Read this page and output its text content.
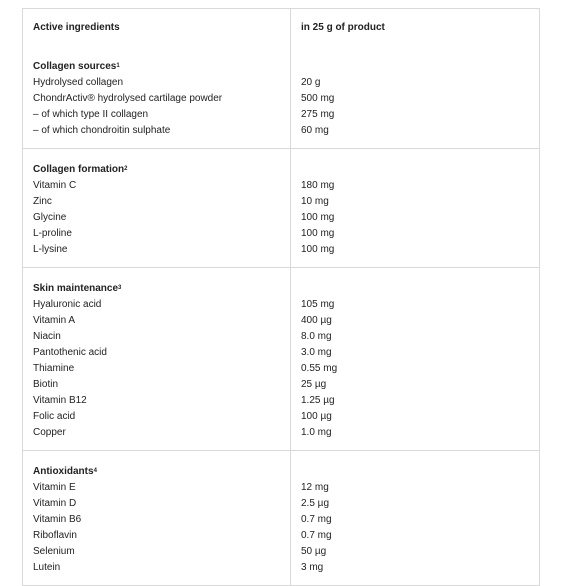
Active ingredients	in 25 g of product
Collagen sources$^1$
Hydrolysed collagen
ChondrActiv® hydrolysed cartilage powder
– of which type II collagen
– of which chondroitin sulphate
20 g
500 mg
275 mg
60 mg
Collagen formation$^2$
Vitamin C
Zinc
Glycine
L-proline
L-lysine
180 mg
10 mg
100 mg
100 mg
100 mg
Skin maintenance$^3$
Hyaluronic acid
Vitamin A
Niacin
Pantothenic acid
Thiamine
Biotin
Vitamin B12
Folic acid
Copper
105 mg
400 µg
8.0 mg
3.0 mg
0.55 mg
25 µg
1.25 µg
100 µg
1.0 mg
Antioxidants$^4$
Vitamin E
Vitamin D
Vitamin B6
Riboflavin
Selenium
Lutein
12 mg
2.5 µg
0.7 mg
0.7 mg
50 µg
3 mg
